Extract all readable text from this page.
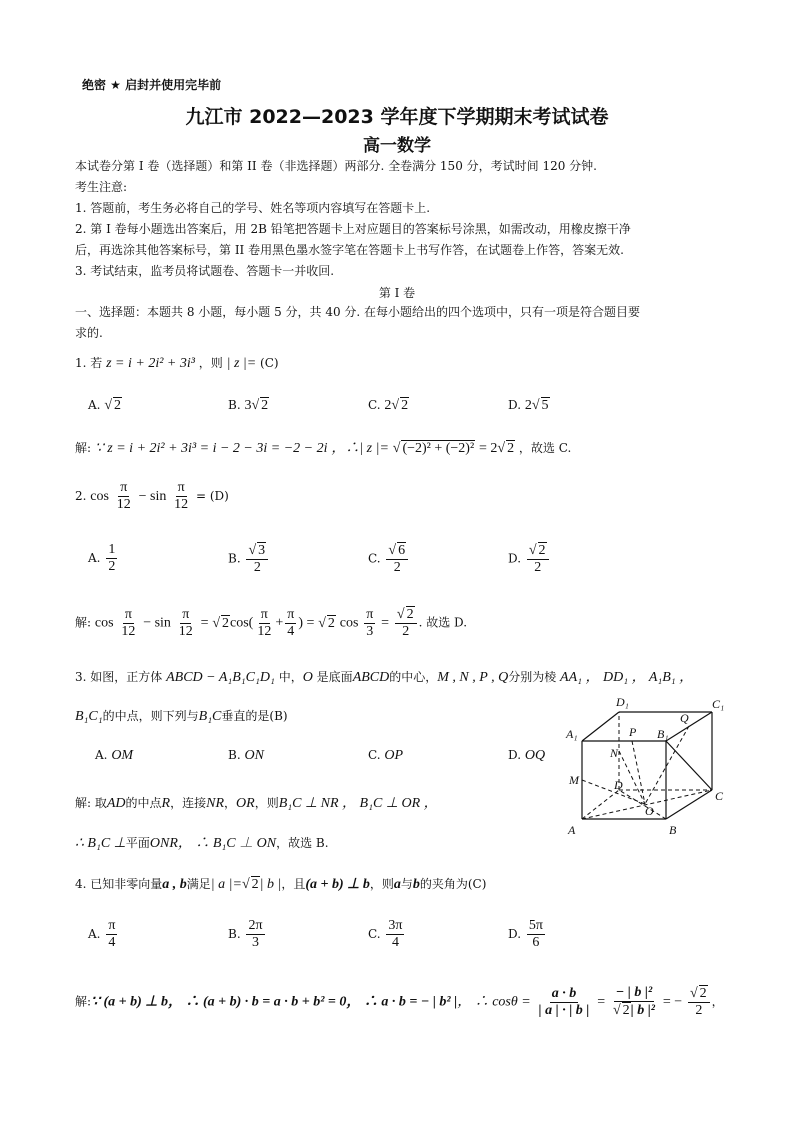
绝密 ★ 启封并使用完毕前
九江市 2022—2023 学年度下学期期末考试试卷
高一数学
本试卷分第 I 卷（选择题）和第 II 卷（非选择题）两部分. 全卷满分 150 分，考试时间 120 分钟.
考生注意:
1. 答题前，考生务必将自己的学号、姓名等项内容填写在答题卡上.
2. 第 I 卷每小题选出答案后，用 2B 铅笔把答题卡上对应题目的答案标号涂黑，如需改动，用橡皮擦干净
后，再选涂其他答案标号，第 II 卷用黑色墨水签字笔在答题卡上书写作答，在试题卷上作答，答案无效.
3. 考试结束，监考员将试题卷、答题卡一并收回.
第 I 卷
一、选择题：本题共 8 小题，每小题 5 分，共 40 分. 在每小题给出的四个选项中，只有一项是符合题目要
求的.
1. 若 z = i + 2i² + 3i³ ，则 | z |= (C)
A. √ 2	B. 3√ 2	C. 2√ 2	D. 2√ 5
解: ∵ z = i + 2i² + 3i³ = i − 2 − 3i = −2 − 2i ，∴| z |= √ (−2)² + (−2)² = 2√ 2 ，故选 C.
2. $\cos \frac{\pi}{12} - \sin \frac{\pi}{12} = (D)$
A. $\frac{1}{2}$	B. $\frac{√ 3}{2}$	C. $\frac{√ 6}{2}$	D. $\frac{√ 2}{2}$
解: $\cos \frac{\pi}{12} - \sin \frac{\pi}{12}$ = √ $2\cos( \frac{\pi}{12} + \frac{\pi}{4}$ ) = √ 2 $\cos \frac{\pi}{3} = \frac{√ 2}{2}$ . 故选 D.
3. 如图，正方体 ABCD − A₁B₁C₁D₁ 中，O 是底面ABCD的中心，M , N , P , Q分别为棱 AA₁ ， DD₁ ， A₁B₁ ，
B₁C₁的中点，则下列与B₁C垂直的是(B)
A. OM	B. ON	C. OP	D. OQ
解: 取AD的中点R，连接NR，OR，则B₁C ⊥ NR ， B₁C ⊥ OR ，
∴ B₁C ⊥平面ONR， ∴ B₁C ⊥ ON，故选 B.
A	B
C
D
A₁	B₁
C₁
D₁
M
N
P
Q
O
4. 已知非零向量a , b满足| a |=√ 2| b |，且(a + b) ⊥ b，则a与b的夹角为(C)
A. $\frac{\pi}{4}$	B. $\frac{2\pi}{3}$	C. $\frac{3\pi}{4}$	D. $\frac{5\pi}{6}$
解:∵ (a + b) ⊥ b， ∴ (a + b) · b = a · b + b² = 0， ∴ a · b = − | b² |， ∴ $\cos\theta = \frac{a \cdot b}{| a | \cdot | b |} = \frac{\text{− | b |²}}{\text{√ 2| b |²}}$ = − $\frac{√ 2}{2}$ ，
